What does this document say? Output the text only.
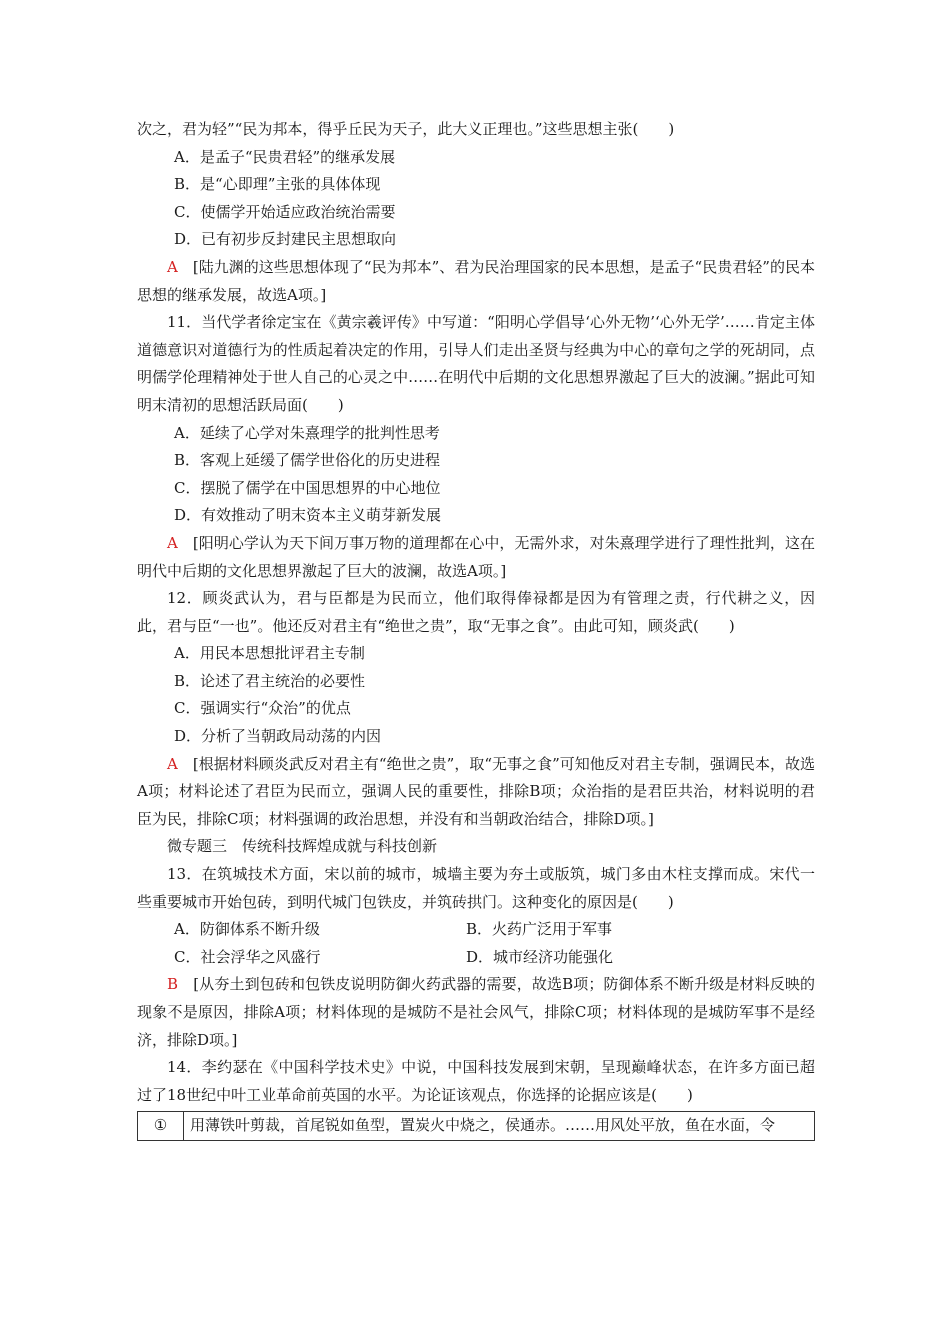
次之，君为轻”“民为邦本，得乎丘民为天子，此大义正理也。”这些思想主张(　　)

A．是孟子“民贵君轻”的继承发展

B．是“心即理”主张的具体体现

C．使儒学开始适应政治统治需要

D．已有初步反封建民主思想取向

A　 [陆九渊的这些思想体现了“民为邦本”、君为民治理国家的民本思想，是孟子“民贵君轻”的民本思想的继承发展，故选A项。]

11．当代学者徐定宝在《黄宗羲评传》中写道：“阳明心学倡导‘心外无物’‘心外无学’……肯定主体道德意识对道德行为的性质起着决定的作用，引导人们走出圣贤与经典为中心的章句之学的死胡同，点明儒学伦理精神处于世人自己的心灵之中……在明代中后期的文化思想界激起了巨大的波澜。”据此可知明末清初的思想活跃局面(　　)

A．延续了心学对朱熹理学的批判性思考

B．客观上延缓了儒学世俗化的历史进程

C．摆脱了儒学在中国思想界的中心地位

D．有效推动了明末资本主义萌芽新发展

A　 [阳明心学认为天下间万事万物的道理都在心中，无需外求，对朱熹理学进行了理性批判，这在明代中后期的文化思想界激起了巨大的波澜，故选A项。]

12．顾炎武认为，君与臣都是为民而立，他们取得俸禄都是因为有管理之责，行代耕之义，因此，君与臣“一也”。他还反对君主有“绝世之贵”，取“无事之食”。由此可知，顾炎武(　　)

A．用民本思想批评君主专制

B．论述了君主统治的必要性

C．强调实行“众治”的优点

D．分析了当朝政局动荡的内因

A　 [根据材料顾炎武反对君主有“绝世之贵”，取“无事之食”可知他反对君主专制，强调民本，故选A项；材料论述了君臣为民而立，强调人民的重要性，排除B项；众治指的是君臣共治，材料说明的君臣为民，排除C项；材料强调的政治思想，并没有和当朝政治结合，排除D项。]

微专题三　传统科技辉煌成就与科技创新

13．在筑城技术方面，宋以前的城市，城墙主要为夯土或版筑，城门多由木柱支撑而成。宋代一些重要城市开始包砖，到明代城门包铁皮，并筑砖拱门。这种变化的原因是(　　)

A．防御体系不断升级	B．火药广泛用于军事
C．社会浮华之风盛行	D．城市经济功能强化

B　 [从夯土到包砖和包铁皮说明防御火药武器的需要，故选B项；防御体系不断升级是材料反映的现象不是原因，排除A项；材料体现的是城防不是社会风气，排除C项；材料体现的是城防军事不是经济，排除D项。]

14．李约瑟在《中国科学技术史》中说，中国科技发展到宋朝，呈现巅峰状态，在许多方面已超过了18世纪中叶工业革命前英国的水平。为论证该观点，你选择的论据应该是(　　)

①	用薄铁叶剪裁，首尾锐如鱼型，置炭火中烧之，侯通赤。……用风处平放，鱼在水面，令
